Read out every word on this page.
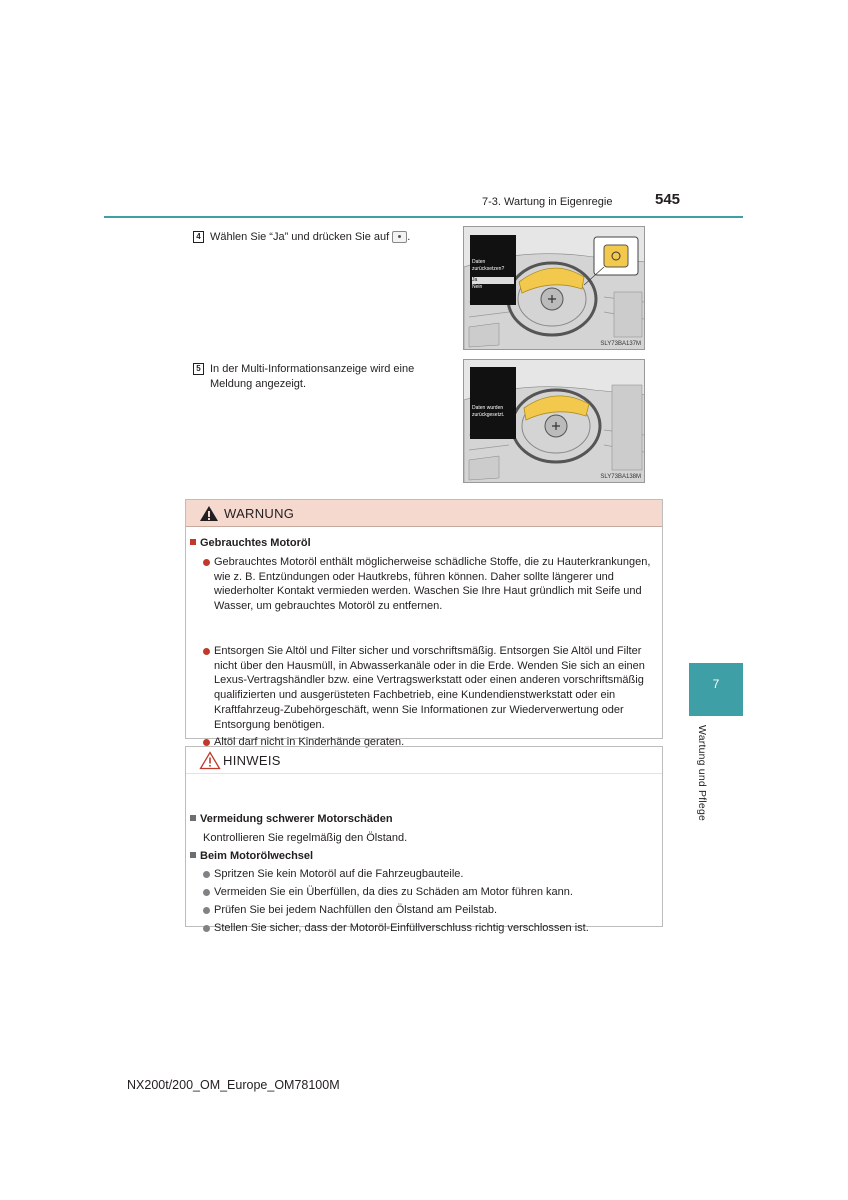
7-3. Wartung in Eigenregie	545
4 Wählen Sie “Ja” und drücken Sie auf .
5 In der Multi-Informationsanzeige wird eine Meldung angezeigt.
Daten zurücksetzen?
Ja
Nein
SLY73BA137M
Daten wurden zurückgesetzt.
SLY73BA138M
WARNUNG
Gebrauchtes Motoröl
Gebrauchtes Motoröl enthält möglicherweise schädliche Stoffe, die zu Hauterkrankungen, wie z. B. Entzündungen oder Hautkrebs, führen können. Daher sollte längerer und wiederholter Kontakt vermieden werden. Waschen Sie Ihre Haut gründlich mit Seife und Wasser, um gebrauchtes Motoröl zu entfernen.
Entsorgen Sie Altöl und Filter sicher und vorschriftsmäßig. Entsorgen Sie Altöl und Filter nicht über den Hausmüll, in Abwasserkanäle oder in die Erde. Wenden Sie sich an einen Lexus-Vertragshändler bzw. eine Vertragswerkstatt oder einen anderen vorschriftsmäßig qualifizierten und ausgerüsteten Fachbetrieb, eine Kundendienstwerkstatt oder ein Kraftfahrzeug-Zubehörgeschäft, wenn Sie Informationen zur Wiederverwertung oder Entsorgung benötigen.
Altöl darf nicht in Kinderhände geraten.
HINWEIS
Vermeidung schwerer Motorschäden
Kontrollieren Sie regelmäßig den Ölstand.
Beim Motorölwechsel
Spritzen Sie kein Motoröl auf die Fahrzeugbauteile.
Vermeiden Sie ein Überfüllen, da dies zu Schäden am Motor führen kann.
Prüfen Sie bei jedem Nachfüllen den Ölstand am Peilstab.
Stellen Sie sicher, dass der Motoröl-Einfüllverschluss richtig verschlossen ist.
7
Wartung und Pflege
NX200t/200_OM_Europe_OM78100M
